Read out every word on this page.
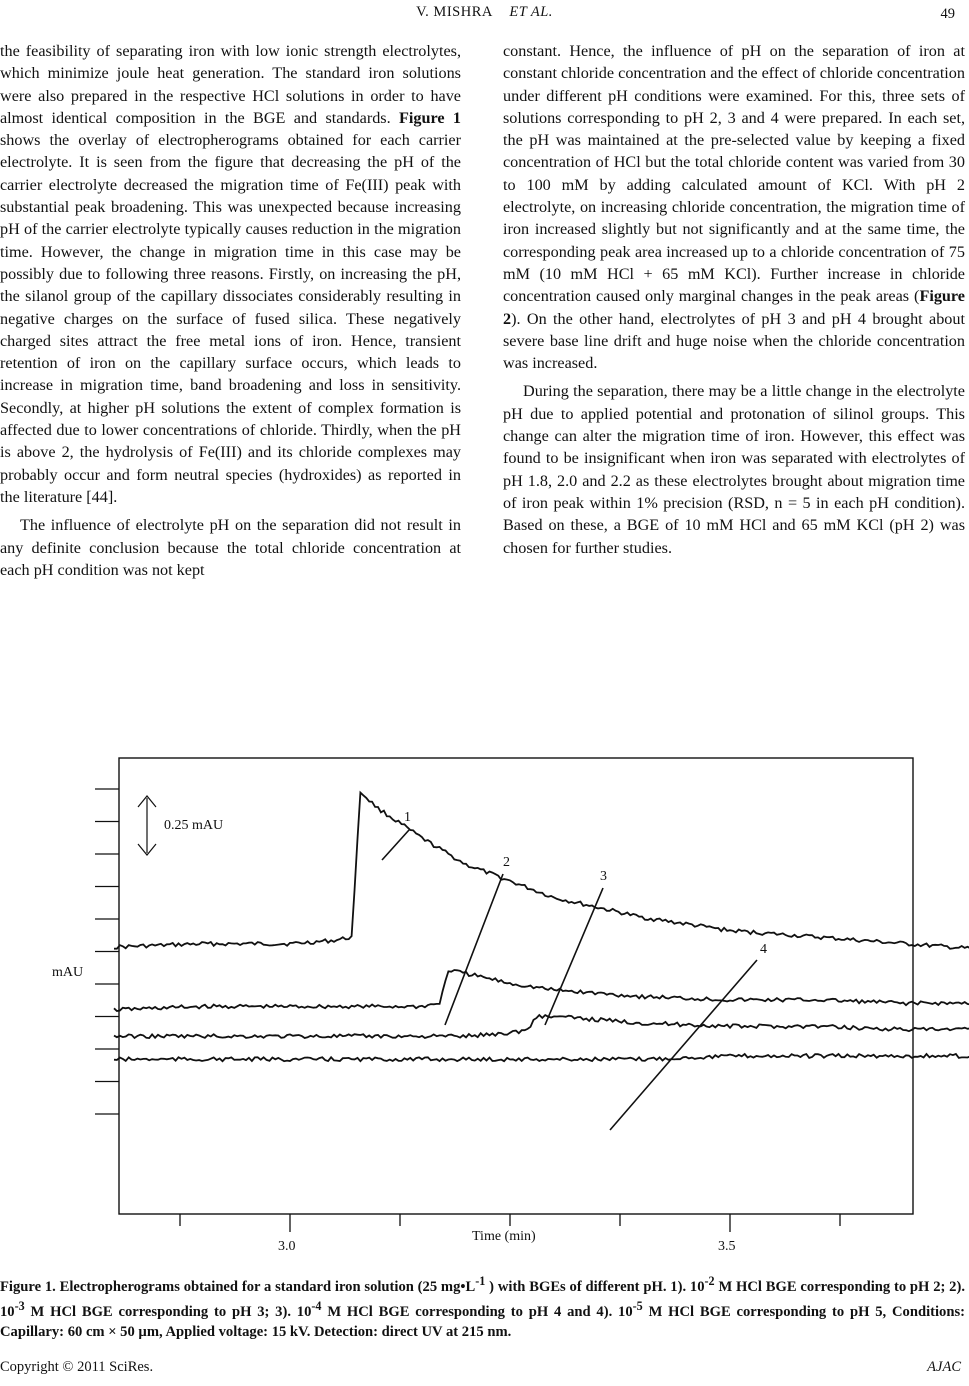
V. MISHRA ET AL.	49

the feasibility of separating iron with low ionic strength electrolytes, which minimize joule heat generation. The standard iron solutions were also prepared in the respective HCl solutions in order to have almost identical composition in the BGE and standards. Figure 1 shows the overlay of electropherograms obtained for each carrier electrolyte. It is seen from the figure that decreasing the pH of the carrier electrolyte decreased the migration time of Fe(III) peak with substantial peak broadening. This was unexpected because increasing pH of the carrier electrolyte typically causes reduction in the migration time. However, the change in migration time in this case may be possibly due to following three reasons. Firstly, on increasing the pH, the silanol group of the capillary dissociates considerably resulting in negative charges on the surface of fused silica. These negatively charged sites attract the free metal ions of iron. Hence, transient retention of iron on the capillary surface occurs, which leads to increase in migration time, band broadening and loss in sensitivity. Secondly, at higher pH solutions the extent of complex formation is affected due to lower concentrations of chloride. Thirdly, when the pH is above 2, the hydrolysis of Fe(III) and its chloride complexes may probably occur and form neutral species (hydroxides) as reported in the literature [44].

The influence of electrolyte pH on the separation did not result in any definite conclusion because the total chloride concentration at each pH condition was not kept

constant. Hence, the influence of pH on the separation of iron at constant chloride concentration and the effect of chloride concentration under different pH conditions were examined. For this, three sets of solutions corresponding to pH 2, 3 and 4 were prepared. In each set, the pH was maintained at the pre-selected value by keeping a fixed concentration of HCl but the total chloride content was varied from 30 to 100 mM by adding calculated amount of KCl. With pH 2 electrolyte, on increasing chloride concentration, the migration time of iron increased slightly but not significantly and at the same time, the corresponding peak area increased up to a chloride concentration of 75 mM (10 mM HCl + 65 mM KCl). Further increase in chloride concentration caused only marginal changes in the peak areas (Figure 2). On the other hand, electrolytes of pH 3 and pH 4 brought about severe base line drift and huge noise when the chloride concentration was increased.

During the separation, there may be a little change in the electrolyte pH due to applied potential and protonation of silinol groups. This change can alter the migration time of iron. However, this effect was found to be insignificant when iron was separated with electrolytes of pH 1.8, 2.0 and 2.2 as these electrolytes brought about migration time of iron peak within 1% precision (RSD, n = 5 in each pH condition). Based on these, a BGE of 10 mM HCl and 65 mM KCl (pH 2) was chosen for further studies.

0.25 mAU
mAU
Time (min)
3.0	3.5
1
2
3
4
Figure 1. Electropherograms obtained for a standard iron solution (25 $mg•L^{-1}$ ) with BGEs of different pH. 1). $10^{-2}$ M HCl BGE corresponding to pH 2; 2). $10^{-3}$ M HCl BGE corresponding to pH 3; 3). $10^{-4}$ M HCl BGE corresponding to pH 4 and 4). $10^{-5}$ M HCl BGE corresponding to pH 5, Conditions: Capillary: 60 cm × 50 µm, Applied voltage: 15 kV. Detection: direct UV at 215 nm.
Copyright © 2011 SciRes.	AJAC
